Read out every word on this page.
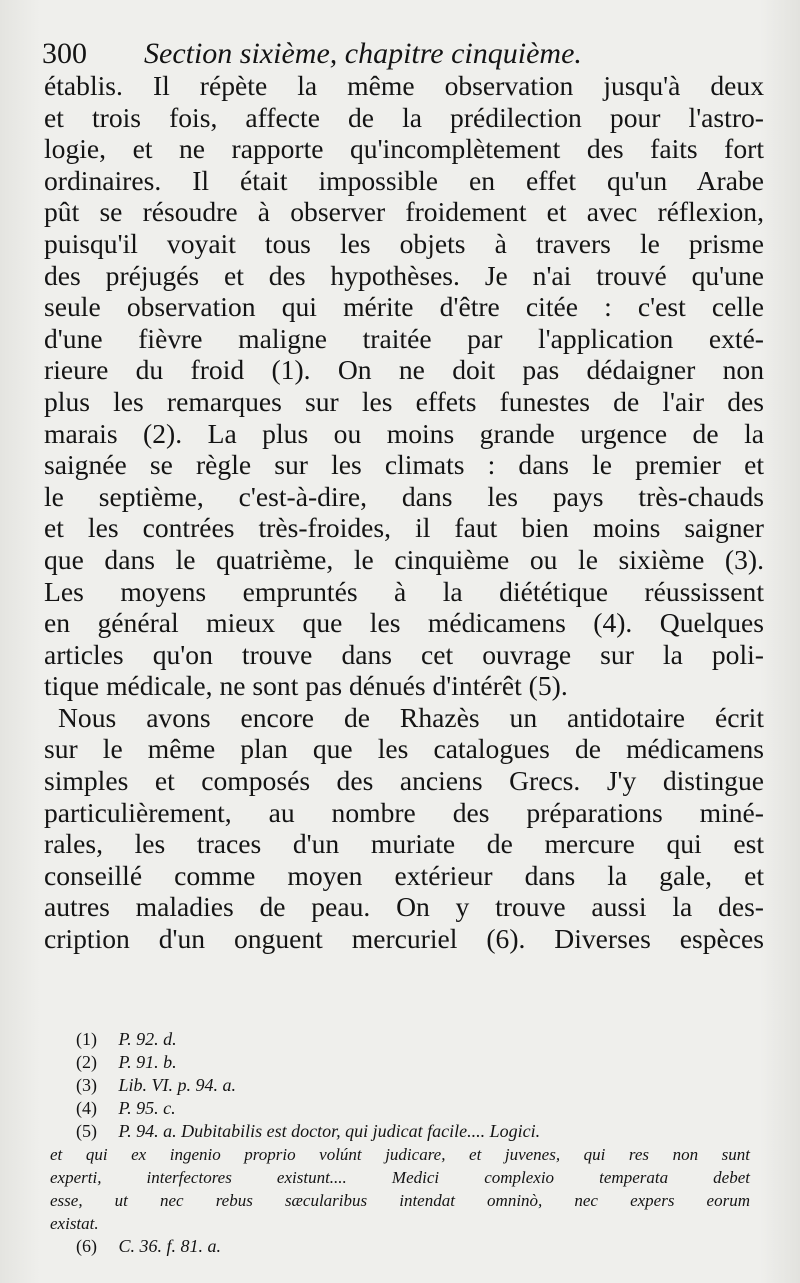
300 Section sixième, chapitre cinquième.
établis. Il répète la même observation jusqu'à deux
et trois fois, affecte de la prédilection pour l'astro-
logie, et ne rapporte qu'incomplètement des faits fort
ordinaires. Il était impossible en effet qu'un Arabe
pût se résoudre à observer froidement et avec réflexion,
puisqu'il voyait tous les objets à travers le prisme
des préjugés et des hypothèses. Je n'ai trouvé qu'une
seule observation qui mérite d'être citée : c'est celle
d'une fièvre maligne traitée par l'application exté-
rieure du froid (1). On ne doit pas dédaigner non
plus les remarques sur les effets funestes de l'air des
marais (2). La plus ou moins grande urgence de la
saignée se règle sur les climats : dans le premier et
le septième, c'est-à-dire, dans les pays très-chauds
et les contrées très-froides, il faut bien moins saigner
que dans le quatrième, le cinquième ou le sixième (3).
Les moyens empruntés à la diététique réussissent
en général mieux que les médicamens (4). Quelques
articles qu'on trouve dans cet ouvrage sur la poli-
tique médicale, ne sont pas dénués d'intérêt (5).
Nous avons encore de Rhazès un antidotaire écrit
sur le même plan que les catalogues de médicamens
simples et composés des anciens Grecs. J'y distingue
particulièrement, au nombre des préparations miné-
rales, les traces d'un muriate de mercure qui est
conseillé comme moyen extérieur dans la gale, et
autres maladies de peau. On y trouve aussi la des-
cription d'un onguent mercuriel (6). Diverses espèces
(1) P. 92. d.
(2) P. 91. b.
(3) Lib. VI. p. 94. a.
(4) P. 95. c.
(5) P. 94. a. Dubitabilis est doctor, qui judicat facile.... Logici.
et qui ex ingenio proprio volúnt judicare, et juvenes, qui res non sunt
experti, interfectores existunt.... Medici complexio temperata debet
esse, ut nec rebus sæcularibus intendat omninò, nec expers eorum
existat.
(6) C. 36. f. 81. a.
